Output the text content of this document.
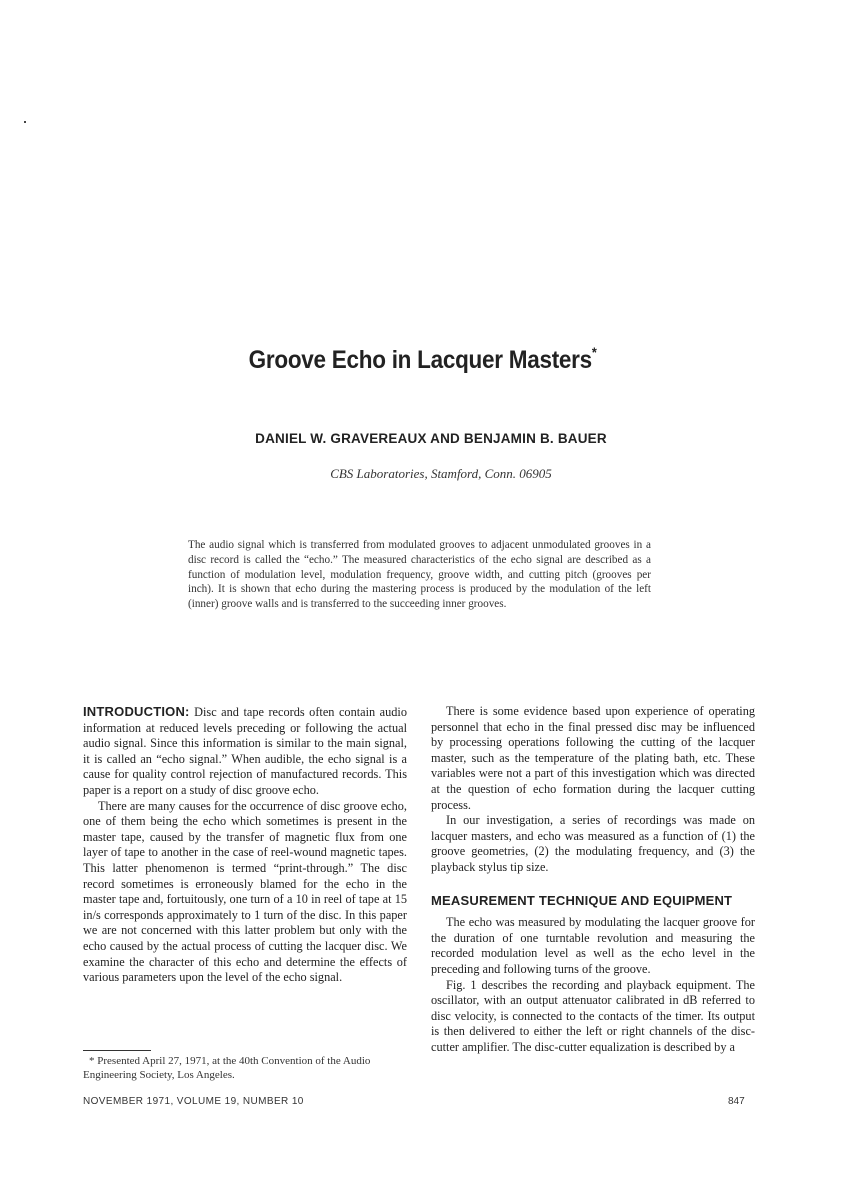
Groove Echo in Lacquer Masters*
DANIEL W. GRAVEREAUX AND BENJAMIN B. BAUER
CBS Laboratories, Stamford, Conn. 06905
The audio signal which is transferred from modulated grooves to adjacent unmodulated grooves in a disc record is called the “echo.” The measured characteristics of the echo signal are described as a function of modulation level, modulation frequency, groove width, and cutting pitch (grooves per inch). It is shown that echo during the mastering process is produced by the modulation of the left (inner) groove walls and is transferred to the succeeding inner grooves.

INTRODUCTION: Disc and tape records often contain audio information at reduced levels preceding or following the actual audio signal. Since this information is similar to the main signal, it is called an “echo signal.” When audible, the echo signal is a cause for quality control rejection of manufactured records. This paper is a report on a study of disc groove echo.

There are many causes for the occurrence of disc groove echo, one of them being the echo which sometimes is present in the master tape, caused by the transfer of magnetic flux from one layer of tape to another in the case of reel-wound magnetic tapes. This latter phenomenon is termed “print-through.” The disc record sometimes is erroneously blamed for the echo in the master tape and, fortuitously, one turn of a 10 in reel of tape at 15 in/s corresponds approximately to 1 turn of the disc. In this paper we are not concerned with this latter problem but only with the echo caused by the actual process of cutting the lacquer disc. We examine the character of this echo and determine the effects of various parameters upon the level of the echo signal.

There is some evidence based upon experience of operating personnel that echo in the final pressed disc may be influenced by processing operations following the cutting of the lacquer master, such as the temperature of the plating bath, etc. These variables were not a part of this investigation which was directed at the question of echo formation during the lacquer cutting process.

In our investigation, a series of recordings was made on lacquer masters, and echo was measured as a function of (1) the groove geometries, (2) the modulating frequency, and (3) the playback stylus tip size.

MEASUREMENT TECHNIQUE AND EQUIPMENT

The echo was measured by modulating the lacquer groove for the duration of one turntable revolution and measuring the recorded modulation level as well as the echo level in the preceding and following turns of the groove.

Fig. 1 describes the recording and playback equipment. The oscillator, with an output attenuator calibrated in dB referred to disc velocity, is connected to the contacts of the timer. Its output is then delivered to either the left or right channels of the disc-cutter amplifier. The disc-cutter equalization is described by a

* Presented April 27, 1971, at the 40th Convention of the Audio Engineering Society, Los Angeles.
NOVEMBER 1971, VOLUME 19, NUMBER 10	847
